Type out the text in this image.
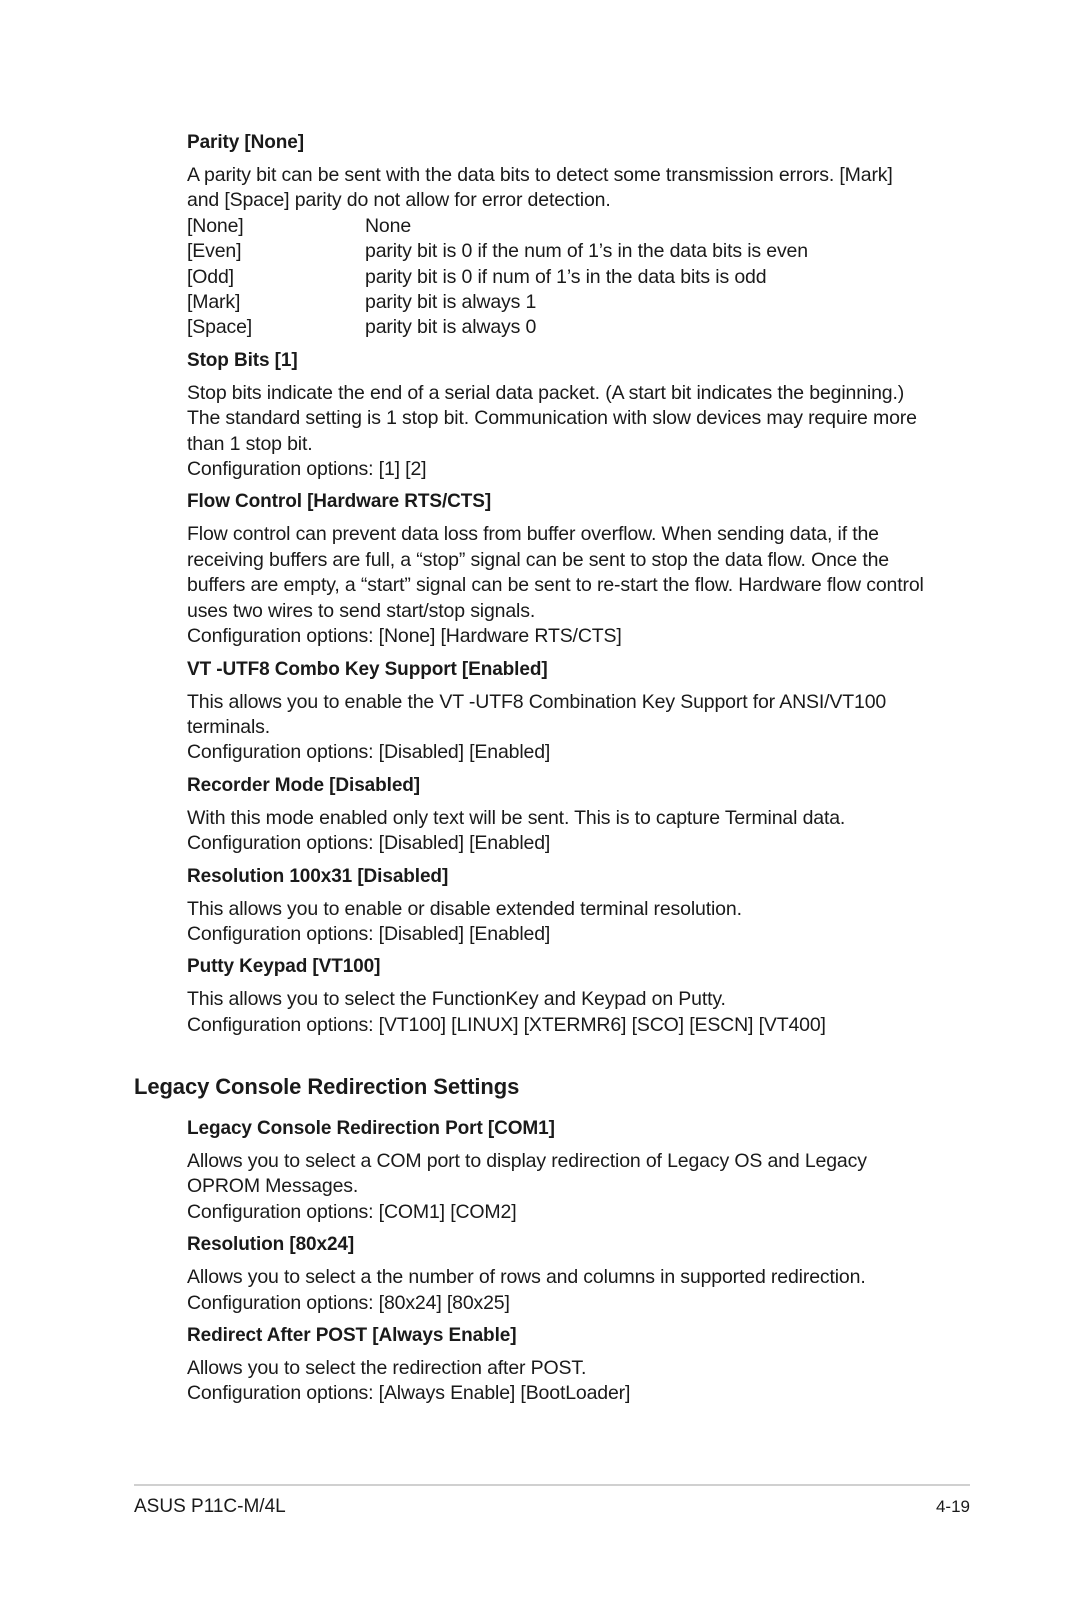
Parity [None]

A parity bit can be sent with the data bits to detect some transmission errors. [Mark]

and [Space] parity do not allow for error detection.

[None]	None
[Even]	parity bit is 0 if the num of 1’s in the data bits is even
[Odd]	parity bit is 0 if num of 1’s in the data bits is odd
[Mark]	parity bit is always 1
[Space]	parity bit is always 0
Stop Bits [1]

Stop bits indicate the end of a serial data packet. (A start bit indicates the beginning.)

The standard setting is 1 stop bit. Communication with slow devices may require more

than 1 stop bit.

Configuration options: [1] [2]

Flow Control [Hardware RTS/CTS]

Flow control can prevent data loss from buffer overflow. When sending data, if the

receiving buffers are full, a “stop” signal can be sent to stop the data flow. Once the

buffers are empty, a “start” signal can be sent to re-start the flow. Hardware flow control

uses two wires to send start/stop signals.

Configuration options: [None] [Hardware RTS/CTS]

VT -UTF8 Combo Key Support [Enabled]

This allows you to enable the VT -UTF8 Combination Key Support for ANSI/VT100

terminals.

Configuration options: [Disabled] [Enabled]

Recorder Mode [Disabled]

With this mode enabled only text will be sent. This is to capture Terminal data.

Configuration options: [Disabled] [Enabled]

Resolution 100x31 [Disabled]

This allows you to enable or disable extended terminal resolution.

Configuration options: [Disabled] [Enabled]

Putty Keypad [VT100]

This allows you to select the FunctionKey and Keypad on Putty.

Configuration options: [VT100] [LINUX] [XTERMR6] [SCO] [ESCN] [VT400]

Legacy Console Redirection Settings
Legacy Console Redirection Port [COM1]

Allows you to select a COM port to display redirection of Legacy OS and Legacy

OPROM Messages.

Configuration options: [COM1] [COM2]

Resolution [80x24]

Allows you to select a the number of rows and columns in supported redirection.

Configuration options: [80x24] [80x25]

Redirect After POST [Always Enable]

Allows you to select the redirection after POST.

Configuration options: [Always Enable] [BootLoader]

ASUS P11C-M/4L	4-19
